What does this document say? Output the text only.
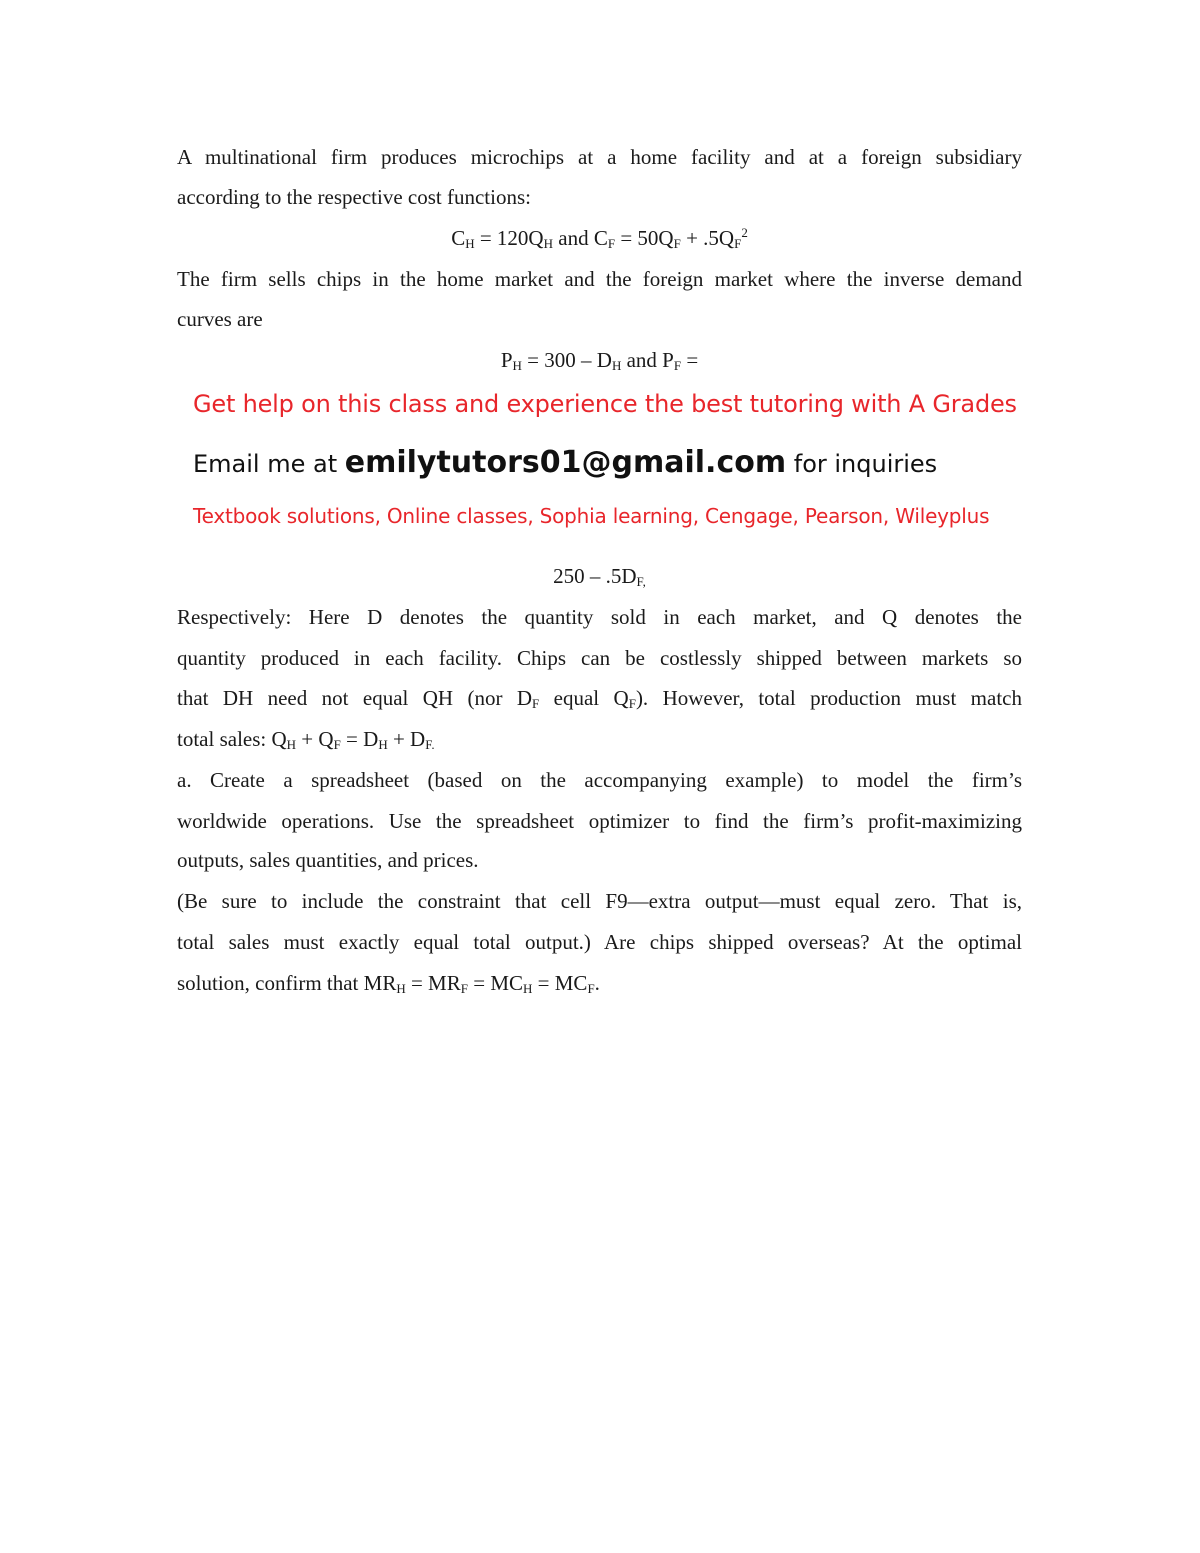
A multinational firm produces microchips at a home facility and at a foreign subsidiary
according to the respective cost functions:
$C_H = 120Q_H$ and $C_F = 50Q_F + .5Q_F^2$
The firm sells chips in the home market and the foreign market where the inverse demand
curves are
$P_H = 300 - D_H$ and $P_F$ =
Get help on this class and experience the best tutoring with A Grades
Email me at emilytutors01@gmail.com for inquiries
Textbook solutions, Online classes, Sophia learning, Cengage, Pearson, Wileyplus
$250 - .5D_{F,}$
Respectively: Here D denotes the quantity sold in each market, and Q denotes the
quantity produced in each facility. Chips can be costlessly shipped between markets so
that DH need not equal QH (nor $D_F$ equal $Q_F$). However, total production must match
total sales: $Q_H + Q_F = D_H + D_{F.}$
a. Create a spreadsheet (based on the accompanying example) to model the firm’s
worldwide operations. Use the spreadsheet optimizer to find the firm’s profit-maximizing
outputs, sales quantities, and prices.
(Be sure to include the constraint that cell F9—extra output—must equal zero. That is,
total sales must exactly equal total output.) Are chips shipped overseas? At the optimal
solution, confirm that $MR_H = MR_F = MC_H = MC_F$.
